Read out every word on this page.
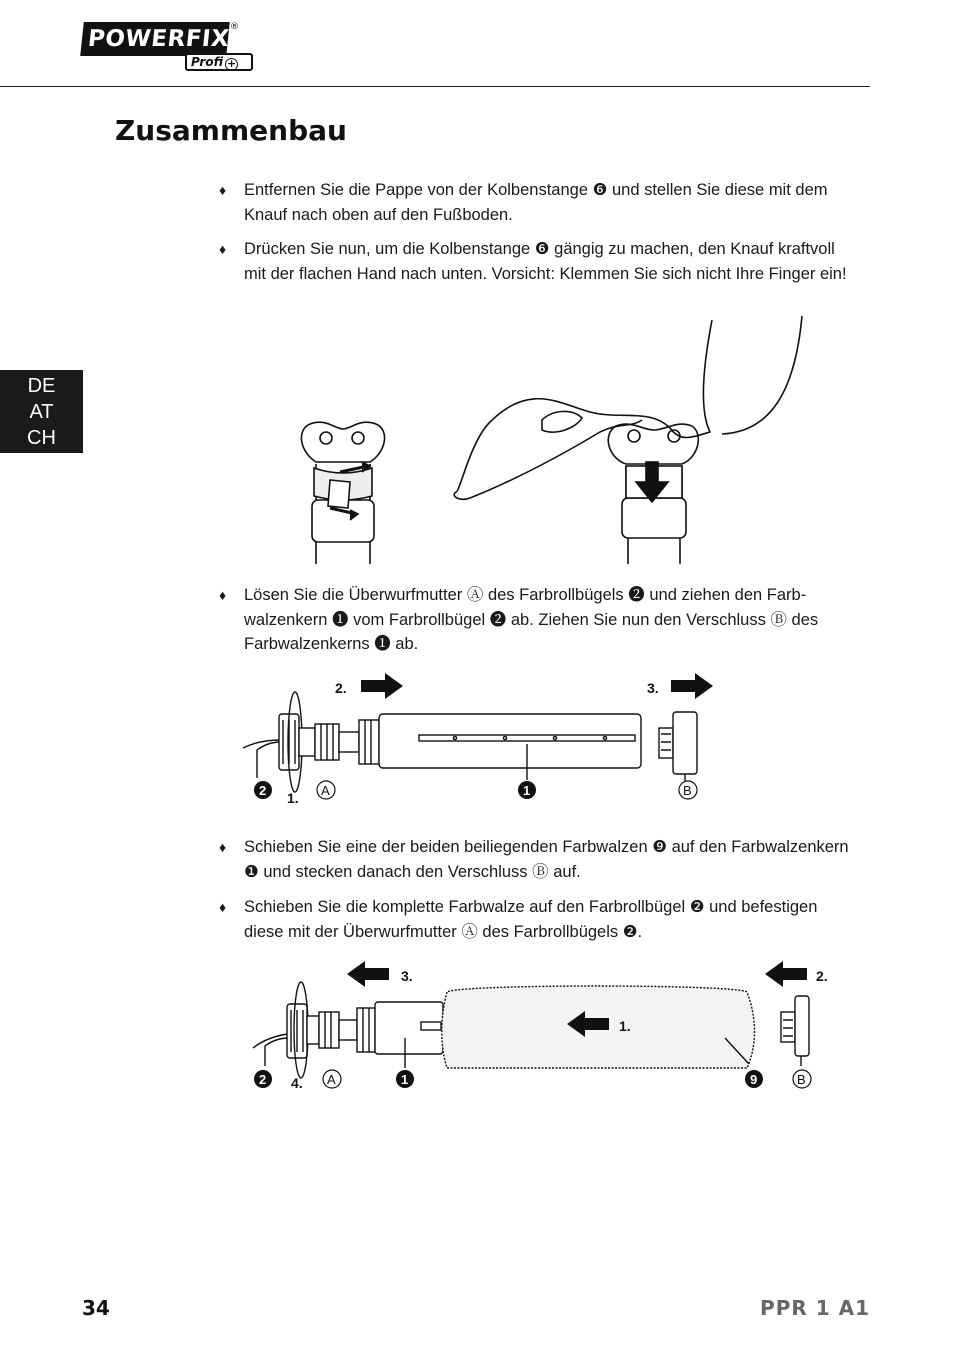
POWERFIX ®
Profi +
Zusammenbau
DE
AT
CH
♦ Entfernen Sie die Pappe von der Kolbenstange ❻ und stellen Sie diese mit dem Knauf nach oben auf den Fußboden.
♦ Drücken Sie nun, um die Kolbenstange ❻ gängig zu machen, den Knauf kraftvoll mit der flachen Hand nach unten. Vorsicht: Klemmen Sie sich nicht Ihre Finger ein!
♦ Lösen Sie die Überwurfmutter Ⓐ des Farbrollbügels ❷ und ziehen den Farbwalzenkern ❶ vom Farbrollbügel ❷ ab. Ziehen Sie nun den Verschluss Ⓑ des Farbwalzenkerns ❶ ab.
2.	3.
1.
2	A	1	B
♦ Schieben Sie eine der beiden beiliegenden Farbwalzen ❾ auf den Farbwalzenkern ❶ und stecken danach den Verschluss Ⓑ auf.
♦ Schieben Sie die komplette Farbwalze auf den Farbrollbügel ❷ und befestigen diese mit der Überwurfmutter Ⓐ des Farbrollbügels ❷.
3.	2.
1.
4.
2	A	1	9	B
34	PPR 1 A1
